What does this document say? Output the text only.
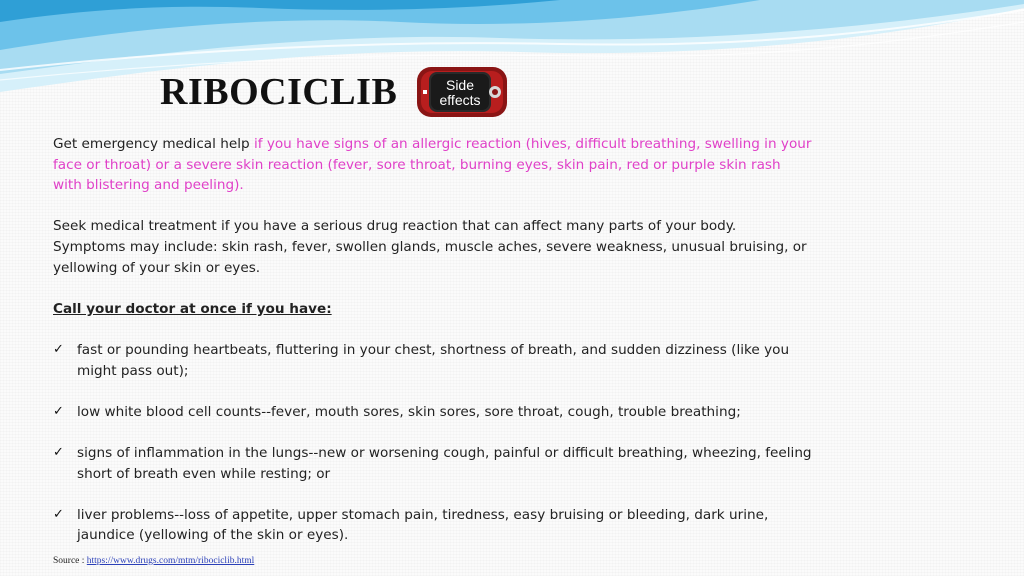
RIBOCICLIB	Side
effects

Get emergency medical help if you have signs of an allergic reaction (hives, difficult breathing, swelling in your face or throat) or a severe skin reaction (fever, sore throat, burning eyes, skin pain, red or purple skin rash with blistering and peeling).

Seek medical treatment if you have a serious drug reaction that can affect many parts of your body. Symptoms may include: skin rash, fever, swollen glands, muscle aches, severe weakness, unusual bruising, or yellowing of your skin or eyes.

Call your doctor at once if you have:

✓ fast or pounding heartbeats, fluttering in your chest, shortness of breath, and sudden dizziness (like you might pass out);
✓ low white blood cell counts--fever, mouth sores, skin sores, sore throat, cough, trouble breathing;
✓ signs of inflammation in the lungs--new or worsening cough, painful or difficult breathing, wheezing, feeling short of breath even while resting; or
✓ liver problems--loss of appetite, upper stomach pain, tiredness, easy bruising or bleeding, dark urine, jaundice (yellowing of the skin or eyes).
Source : https://www.drugs.com/mtm/ribociclib.html
